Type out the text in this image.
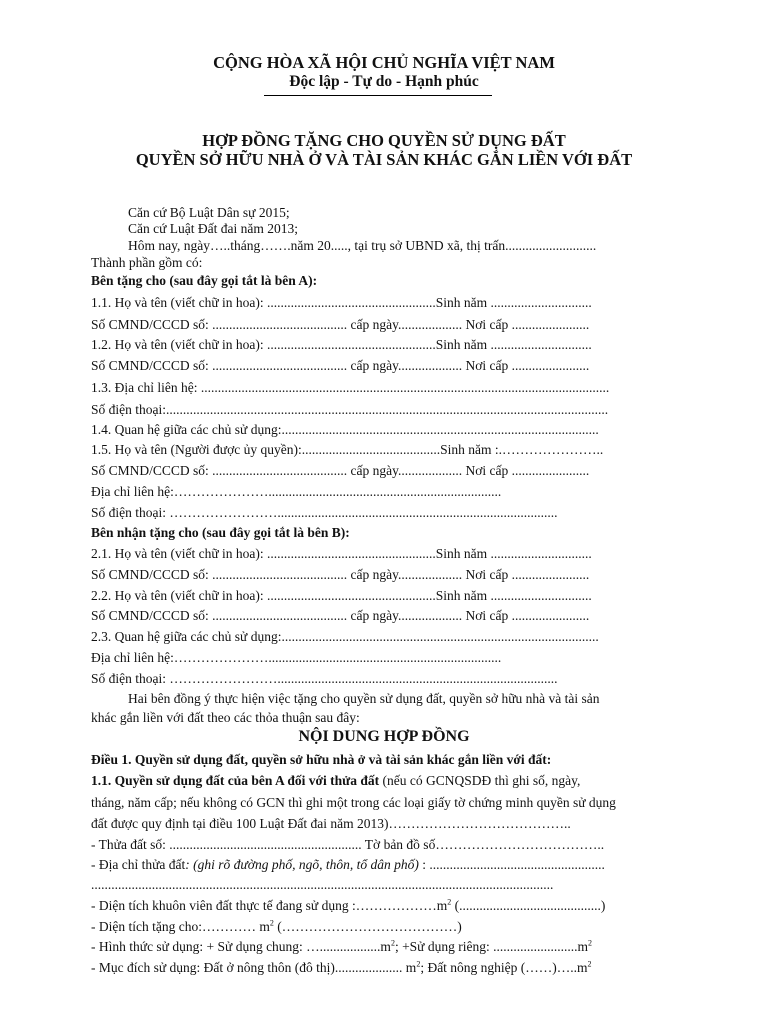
CỘNG HÒA XÃ HỘI CHỦ NGHĨA VIỆT NAM
Độc lập - Tự do - Hạnh phúc
HỢP ĐỒNG TẶNG CHO QUYỀN SỬ DỤNG ĐẤT
QUYỀN SỞ HỮU NHÀ Ở VÀ TÀI SẢN KHÁC GẮN LIỀN VỚI ĐẤT
Căn cứ Bộ Luật Dân sự 2015;
Căn cứ Luật Đất đai năm 2013;
Hôm nay, ngày…..tháng…….năm 20....., tại trụ sở UBND xã, thị trấn...........................
Thành phần gồm có:
Bên tặng cho (sau đây gọi tắt là bên A):
1.1. Họ và tên (viết chữ in hoa): ..................................................Sinh năm ..............................
Số CMND/CCCD số: ........................................ cấp ngày................... Nơi cấp .......................
1.2. Họ và tên (viết chữ in hoa): ..................................................Sinh năm ..............................
Số CMND/CCCD số: ........................................ cấp ngày................... Nơi cấp .......................
1.3. Địa chỉ liên hệ: .........................................................................................................................
Số điện thoại:...................................................................................................................................
1.4. Quan hệ giữa các chủ sử dụng:..............................................................................................
1.5. Họ và tên (Người được ủy quyền):.........................................Sinh năm :.…………………..
Số CMND/CCCD số: ........................................ cấp ngày................... Nơi cấp .......................
Địa chỉ liên hệ:………………….....................................................................
Số điện thoại: ……………………...................................................................................
Bên nhận tặng cho (sau đây gọi tắt là bên B):
2.1. Họ và tên (viết chữ in hoa): ..................................................Sinh năm ..............................
Số CMND/CCCD số: ........................................ cấp ngày................... Nơi cấp .......................
2.2. Họ và tên (viết chữ in hoa): ..................................................Sinh năm ..............................
Số CMND/CCCD số: ........................................ cấp ngày................... Nơi cấp .......................
2.3. Quan hệ giữa các chủ sử dụng:..............................................................................................
Địa chỉ liên hệ:………………….....................................................................
Số điện thoại: ……………………...................................................................................
Hai bên đồng ý thực hiện việc tặng cho quyền sử dụng đất, quyền sở hữu nhà và tài sản
khác gắn liền với đất theo các thỏa thuận sau đây:
NỘI DUNG HỢP ĐỒNG
Điều 1. Quyền sử dụng đất, quyền sở hữu nhà ở và tài sản khác gắn liền với đất:
1.1. Quyền sử dụng đất của bên A đối với thửa đất (nếu có GCNQSDĐ thì ghi số, ngày,
tháng, năm cấp; nếu không có GCN thì ghi một trong các loại giấy tờ chứng minh quyền sử dụng
đất được quy định tại điều 100 Luật Đất đai năm 2013)…………………………………..
- Thửa đất số: ......................................................... Tờ bản đồ số………………………………..
- Địa chỉ thửa đất: (ghi rõ đường phố, ngõ, thôn, tổ dân phố) : ....................................................
.........................................................................................................................................
- Diện tích khuôn viên đất thực tế đang sử dụng $:\dots\dots\dots\dots\dots\dots m^2$ (..........................................)
- Diện tích tặng cho:………… $m^2$ (…………………………………)
- Hình thức sử dụng: + Sử dụng chung: $\dots..................m^2$; +Sử dụng riêng: $.........................m^2$
- Mục đích sử dụng: Đất ở nông thôn (đô thị).................... $m^2$; Đất nông nghiệp $(\dots\dots)\dots..m^2$
